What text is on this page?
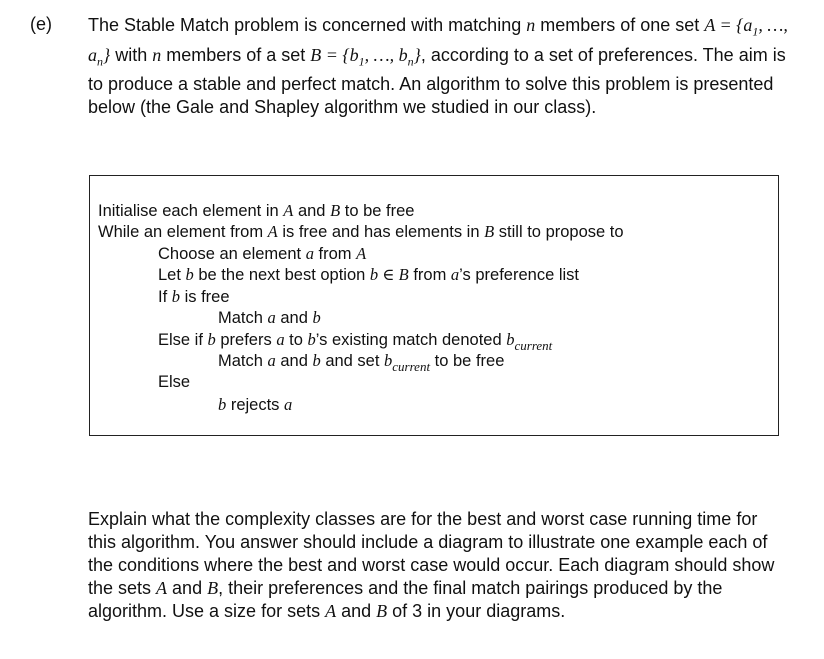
(e) The Stable Match problem is concerned with matching n members of one set $A = \{a_1$, …, $a_n$} with n members of a set $B = \{b_1$, …, $b_n$}, according to a set of preferences. The aim is to produce a stable and perfect match. An algorithm to solve this problem is presented below (the Gale and Shapley algorithm we studied in our class).
Initialise each element in A and B to be free
While an element from A is free and has elements in B still to propose to
Choose an element a from A
Let b be the next best option b ∈ B from a’s preference list
If b is free
Match a and b
Else if b prefers a to b’s existing match denoted $b_{current}$
Match a and b and set $b_{current}$ to be free
Else
b rejects a
Explain what the complexity classes are for the best and worst case running time for this algorithm. You answer should include a diagram to illustrate one example each of the conditions where the best and worst case would occur. Each diagram should show the sets A and B, their preferences and the final match pairings produced by the algorithm. Use a size for sets A and B of 3 in your diagrams.
